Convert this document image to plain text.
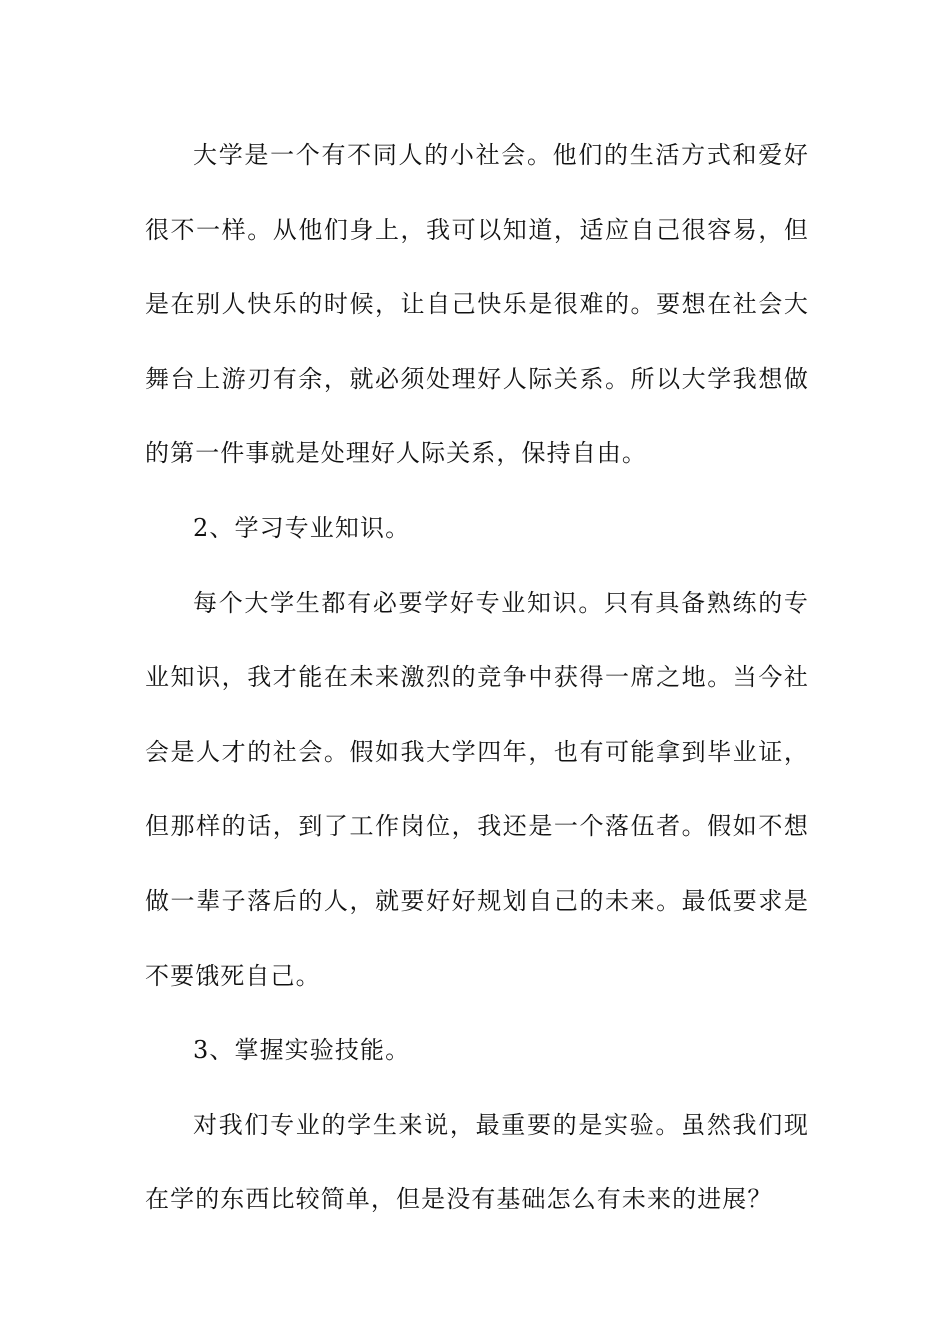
大学是一个有不同人的小社会。他们的生活方式和爱好很不一样。从他们身上，我可以知道，适应自己很容易，但是在别人快乐的时候，让自己快乐是很难的。要想在社会大舞台上游刃有余，就必须处理好人际关系。所以大学我想做的第一件事就是处理好人际关系，保持自由。

2、学习专业知识。

每个大学生都有必要学好专业知识。只有具备熟练的专业知识，我才能在未来激烈的竞争中获得一席之地。当今社会是人才的社会。假如我大学四年，也有可能拿到毕业证，但那样的话，到了工作岗位，我还是一个落伍者。假如不想做一辈子落后的人，就要好好规划自己的未来。最低要求是不要饿死自己。

3、掌握实验技能。

对我们专业的学生来说，最重要的是实验。虽然我们现在学的东西比较简单，但是没有基础怎么有未来的进展？
